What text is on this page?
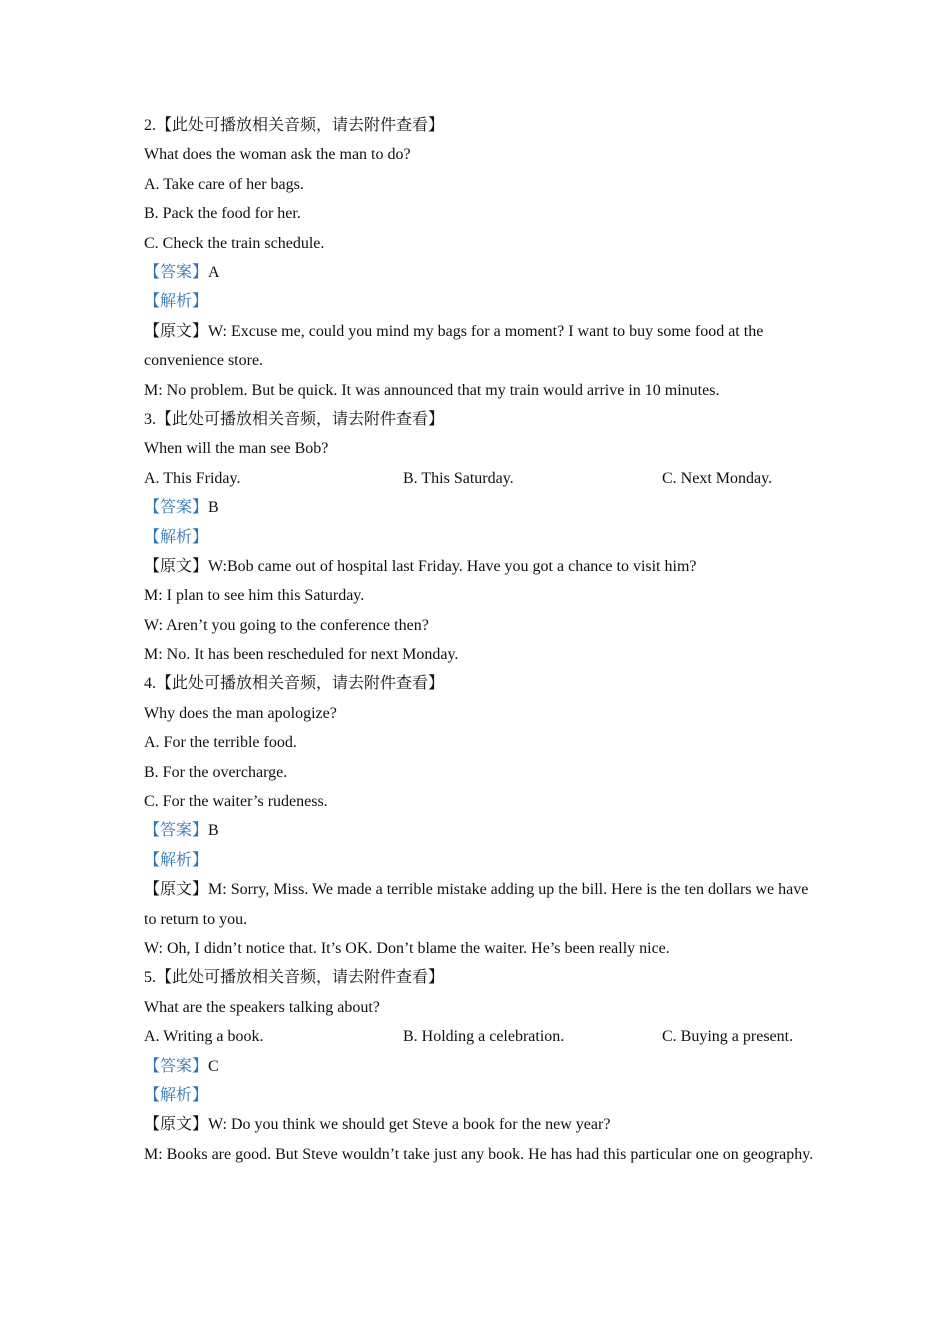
2.【此处可播放相关音频，请去附件查看】
What does the woman ask the man to do?
A. Take care of her bags.
B. Pack the food for her.
C. Check the train schedule.
【答案】A
【解析】
【原文】W: Excuse me, could you mind my bags for a moment? I want to buy some food at the convenience store.
M: No problem. But be quick. It was announced that my train would arrive in 10 minutes.
3.【此处可播放相关音频，请去附件查看】
When will the man see Bob?
A. This Friday.	B. This Saturday.	C. Next Monday.
【答案】B
【解析】
【原文】W:Bob came out of hospital last Friday. Have you got a chance to visit him?
M: I plan to see him this Saturday.
W: Aren’t you going to the conference then?
M: No. It has been rescheduled for next Monday.
4.【此处可播放相关音频，请去附件查看】
Why does the man apologize?
A. For the terrible food.
B. For the overcharge.
C. For the waiter’s rudeness.
【答案】B
【解析】
【原文】M: Sorry, Miss. We made a terrible mistake adding up the bill. Here is the ten dollars we have to return to you.
W: Oh, I didn’t notice that. It’s OK. Don’t blame the waiter. He’s been really nice.
5.【此处可播放相关音频，请去附件查看】
What are the speakers talking about?
A. Writing a book.	B. Holding a celebration.	C. Buying a present.
【答案】C
【解析】
【原文】W: Do you think we should get Steve a book for the new year?
M: Books are good. But Steve wouldn’t take just any book. He has had this particular one on geography.
